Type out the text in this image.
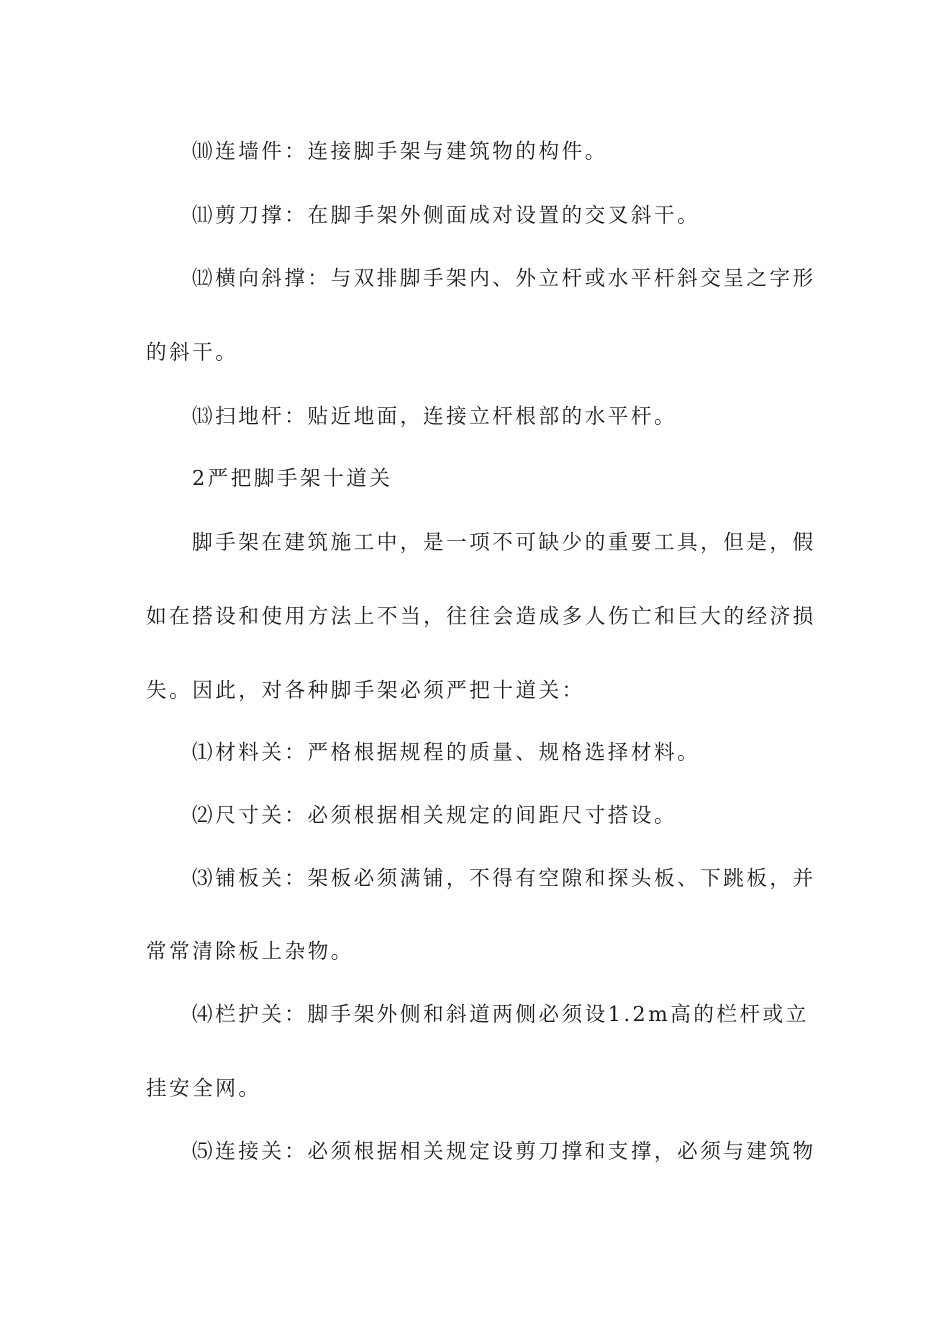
⑽连墙件：连接脚手架与建筑物的构件。
⑾剪刀撑：在脚手架外侧面成对设置的交叉斜干。
⑿横向斜撑：与双排脚手架内、外立杆或水平杆斜交呈之字形
的斜干。
⒀扫地杆：贴近地面，连接立杆根部的水平杆。
2严把脚手架十道关
脚手架在建筑施工中，是一项不可缺少的重要工具，但是，假
如在搭设和使用方法上不当，往往会造成多人伤亡和巨大的经济损
失。因此，对各种脚手架必须严把十道关：
⑴材料关：严格根据规程的质量、规格选择材料。
⑵尺寸关：必须根据相关规定的间距尺寸搭设。
⑶铺板关：架板必须满铺，不得有空隙和探头板、下跳板，并
常常清除板上杂物。
⑷栏护关：脚手架外侧和斜道两侧必须设1.2m高的栏杆或立
挂安全网。
⑸连接关：必须根据相关规定设剪刀撑和支撑，必须与建筑物
